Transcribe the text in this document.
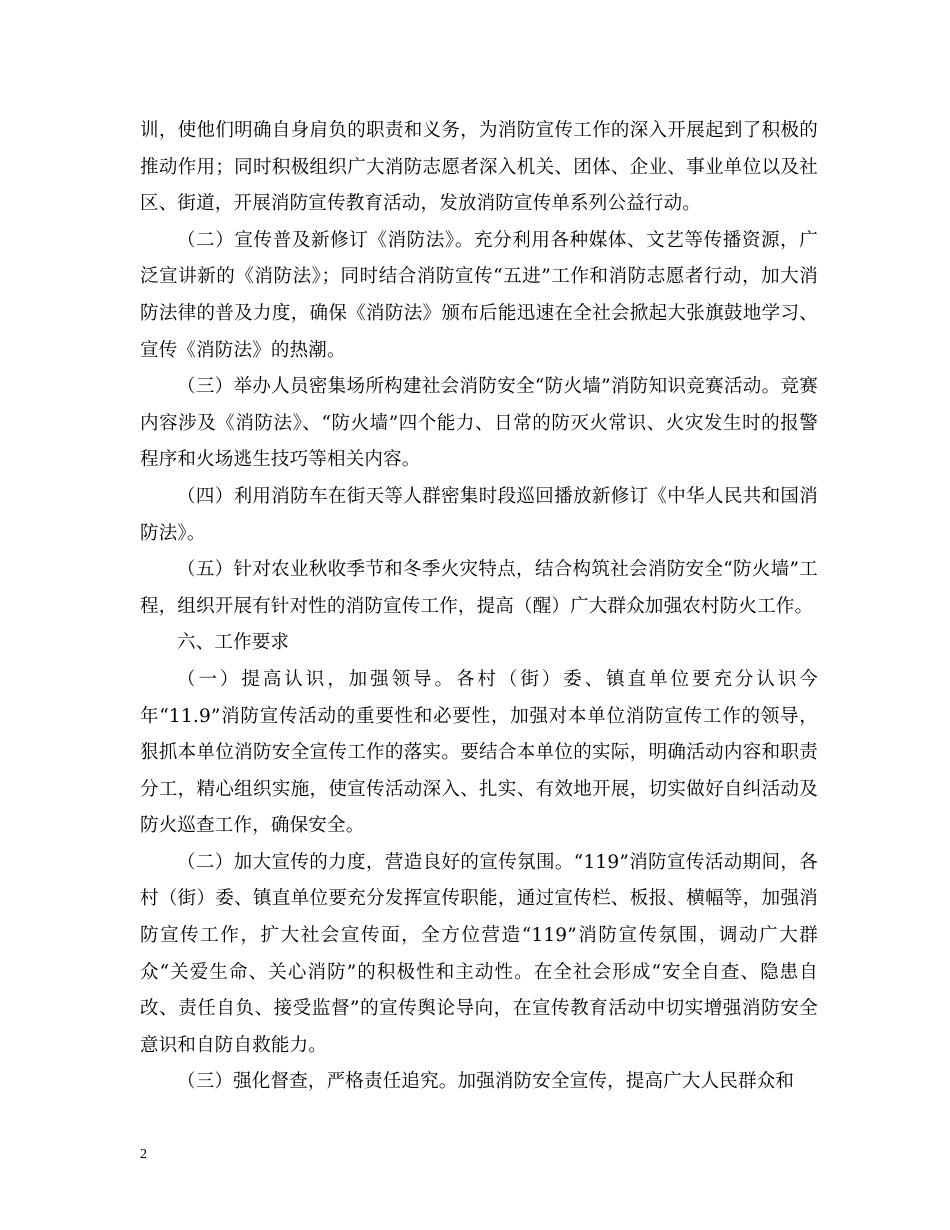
训，使他们明确自身肩负的职责和义务，为消防宣传工作的深入开展起到了积极的推动作用；同时积极组织广大消防志愿者深入机关、团体、企业、事业单位以及社区、街道，开展消防宣传教育活动，发放消防宣传单系列公益行动。

（二）宣传普及新修订《消防法》。充分利用各种媒体、文艺等传播资源，广泛宣讲新的《消防法》；同时结合消防宣传“五进”工作和消防志愿者行动，加大消防法律的普及力度，确保《消防法》颁布后能迅速在全社会掀起大张旗鼓地学习、宣传《消防法》的热潮。

（三）举办人员密集场所构建社会消防安全“防火墙”消防知识竞赛活动。竞赛内容涉及《消防法》、“防火墙”四个能力、日常的防灭火常识、火灾发生时的报警程序和火场逃生技巧等相关内容。

（四）利用消防车在街天等人群密集时段巡回播放新修订《中华人民共和国消防法》。

（五）针对农业秋收季节和冬季火灾特点，结合构筑社会消防安全“防火墙”工程，组织开展有针对性的消防宣传工作，提高（醒）广大群众加强农村防火工作。

六、工作要求

（一）提高认识，加强领导。各村（街）委、镇直单位要充分认识今年“11.9”消防宣传活动的重要性和必要性，加强对本单位消防宣传工作的领导，狠抓本单位消防安全宣传工作的落实。要结合本单位的实际，明确活动内容和职责分工，精心组织实施，使宣传活动深入、扎实、有效地开展，切实做好自纠活动及防火巡查工作，确保安全。

（二）加大宣传的力度，营造良好的宣传氛围。“119”消防宣传活动期间，各村（街）委、镇直单位要充分发挥宣传职能，通过宣传栏、板报、横幅等，加强消防宣传工作，扩大社会宣传面，全方位营造“119”消防宣传氛围，调动广大群众“关爱生命、关心消防”的积极性和主动性。在全社会形成“安全自查、隐患自改、责任自负、接受监督”的宣传舆论导向，在宣传教育活动中切实增强消防安全意识和自防自救能力。

（三）强化督查，严格责任追究。加强消防安全宣传，提高广大人民群众和

2
